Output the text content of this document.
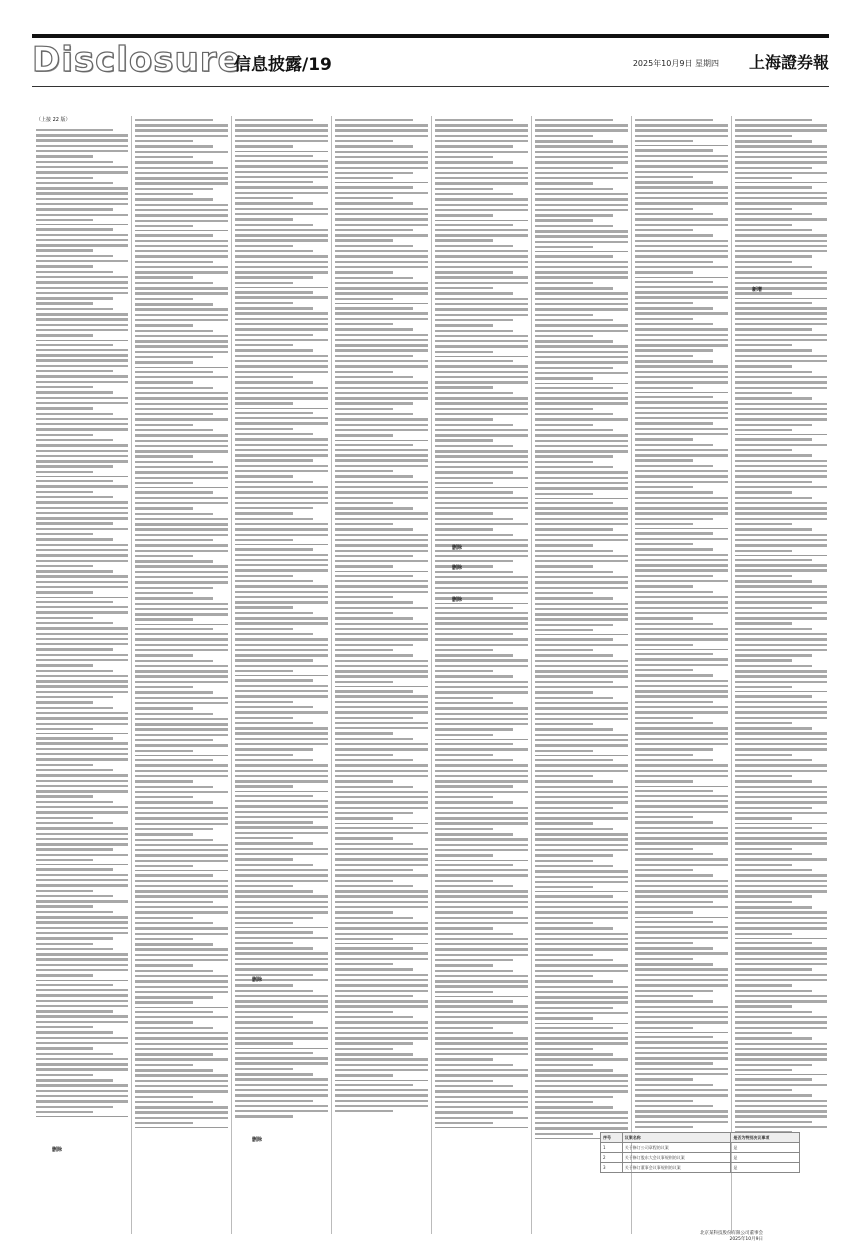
Disclosure
信息披露/19	2025年10月9日 星期四 上海證券報
（上接 22 版）
删除
删除
删除
删除
删除
删除
新增
序号	议案名称	是否为特别决议事项
1	关于修订公司章程的议案	是
2	关于修订股东大会议事规则的议案	是
3	关于修订董事会议事规则的议案	是
北京某科技股份有限公司董事会
2025年10月9日
